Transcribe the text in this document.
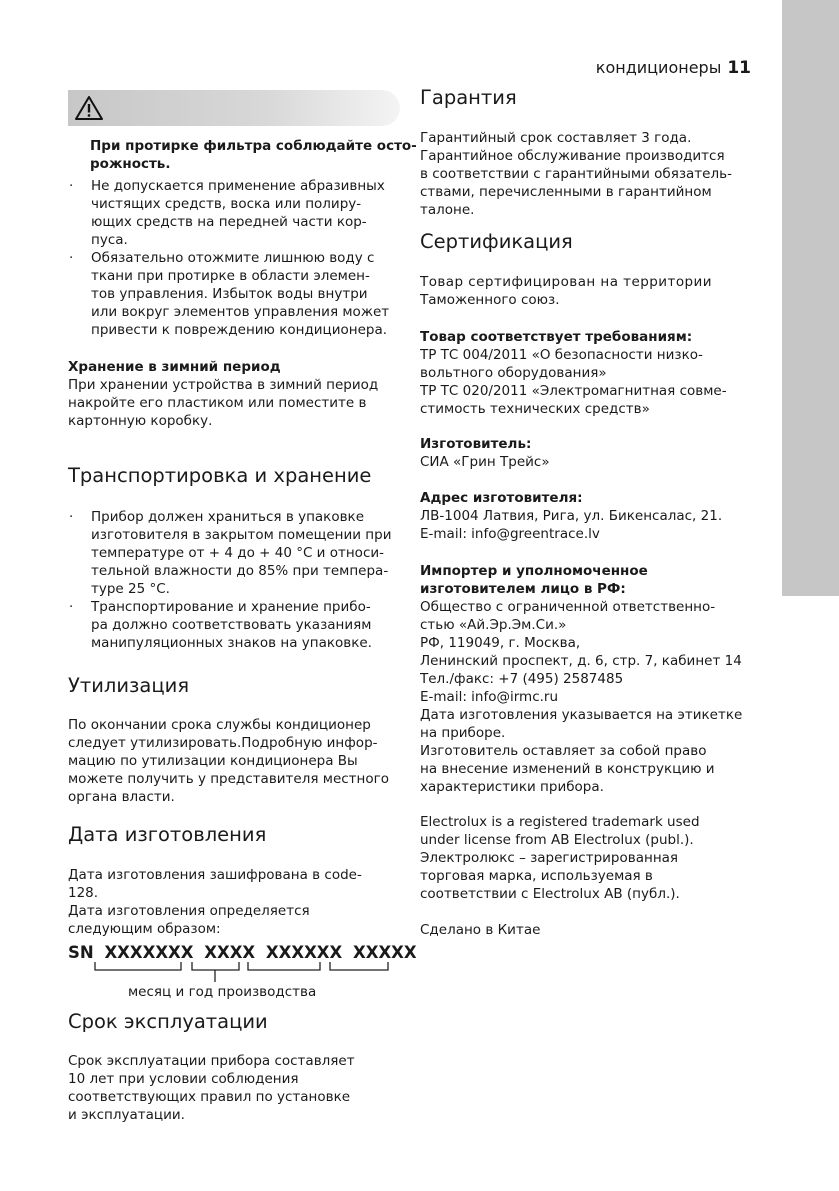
кондиционеры 11
При протирке фильтра соблюдайте осто-
рожность.
· Не допускается применение абразивных
чистящих средств, воска или полиру-
ющих средств на передней части кор-
пуса.
· Обязательно отожмите лишнюю воду с
ткани при протирке в области элемен-
тов управления. Избыток воды внутри
или вокруг элементов управления может
привести к повреждению кондиционера.
Хранение в зимний период
При хранении устройства в зимний период
накройте его пластиком или поместите в
картонную коробку.
Транспортировка и хранение
· Прибор должен храниться в упаковке
изготовителя в закрытом помещении при
температуре от + 4 до + 40 °C и относи-
тельной влажности до 85% при темпера-
туре 25 °C.
· Транспортирование и хранение прибо-
ра должно соответствовать указаниям
манипуляционных знаков на упаковке.
Утилизация
По окончании срока службы кондиционер
следует утилизировать.Подробную инфор-
мацию по утилизации кондиционера Вы
можете получить у представителя местного
органа власти.
Дата изготовления
Дата изготовления зашифрована в code-
128.
Дата изготовления определяется
следующим образом:
SN XXXXXXX XXXX XXXXXX XXXXX
месяц и год производства
Срок эксплуатации
Срок эксплуатации прибора составляет
10 лет при условии соблюдения
соответствующих правил по установке
и эксплуатации.
Гарантия
Гарантийный срок составляет 3 года.
Гарантийное обслуживание производится
в соответствии с гарантийными обязатель-
ствами, перечисленными в гарантийном
талоне.
Сертификация
Товар сертифицирован на территории
Таможенного союз.
Товар соответствует требованиям:
ТР ТС 004/2011 «О безопасности низко-
вольтного оборудования»
ТР ТС 020/2011 «Электромагнитная совме-
стимость технических средств»
Изготовитель:
СИА «Грин Трейс»
Адрес изготовителя:
ЛВ-1004 Латвия, Рига, ул. Бикенсалас, 21.
E-mail: info@greentrace.lv
Импортер и уполномоченное
изготовителем лицо в РФ:
Общество с ограниченной ответственно-
стью «Ай.Эр.Эм.Си.»
РФ, 119049, г. Москва,
Ленинский проспект, д. 6, стр. 7, кабинет 14
Тел./факс: +7 (495) 2587485
E-mail: info@irmc.ru
Дата изготовления указывается на этикетке
на приборе.
Изготовитель оставляет за собой право
на внесение изменений в конструкцию и
характеристики прибора.
Electrolux is a registered trademark used
under license from AB Electrolux (publ.).
Электролюкс – зарегистрированная
торговая марка, используемая в
соответствии с Electrolux AB (публ.).
Сделано в Китае
